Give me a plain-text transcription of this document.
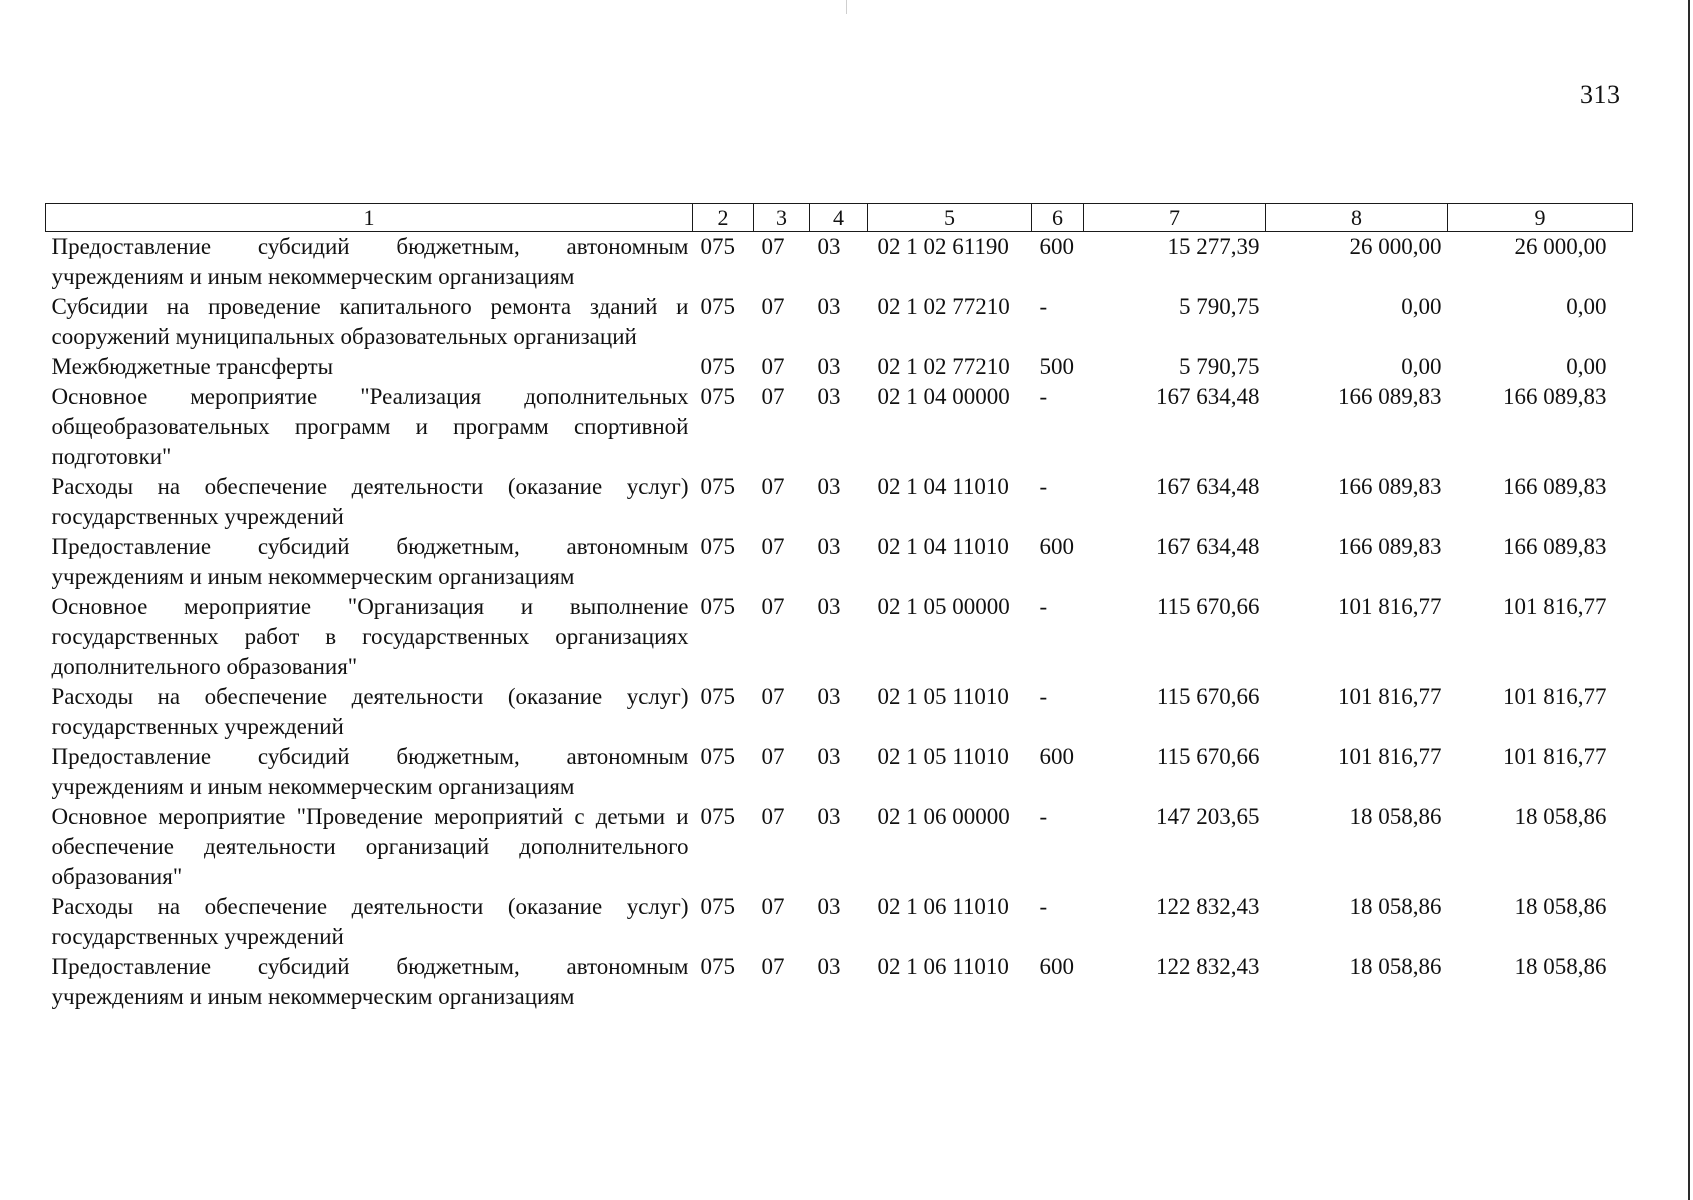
313
1	2	3	4	5	6	7	8	9
Предоставление субсидий бюджетным, автономным учреждениям и иным некоммерческим организациям	075	07	03	02 1 02 61190	600	15 277,39	26 000,00	26 000,00
Субсидии на проведение капитального ремонта зданий и сооружений муниципальных образовательных организаций	075	07	03	02 1 02 77210	-	5 790,75	0,00	0,00
Межбюджетные трансферты	075	07	03	02 1 02 77210	500	5 790,75	0,00	0,00
Основное мероприятие "Реализация дополнительных общеобразовательных программ и программ спортивной подготовки"	075	07	03	02 1 04 00000	-	167 634,48	166 089,83	166 089,83
Расходы на обеспечение деятельности (оказание услуг) государственных учреждений	075	07	03	02 1 04 11010	-	167 634,48	166 089,83	166 089,83
Предоставление субсидий бюджетным, автономным учреждениям и иным некоммерческим организациям	075	07	03	02 1 04 11010	600	167 634,48	166 089,83	166 089,83
Основное мероприятие "Организация и выполнение государственных работ в государственных организациях дополнительного образования"	075	07	03	02 1 05 00000	-	115 670,66	101 816,77	101 816,77
Расходы на обеспечение деятельности (оказание услуг) государственных учреждений	075	07	03	02 1 05 11010	-	115 670,66	101 816,77	101 816,77
Предоставление субсидий бюджетным, автономным учреждениям и иным некоммерческим организациям	075	07	03	02 1 05 11010	600	115 670,66	101 816,77	101 816,77
Основное мероприятие "Проведение мероприятий с детьми и обеспечение деятельности организаций дополнительного образования"	075	07	03	02 1 06 00000	-	147 203,65	18 058,86	18 058,86
Расходы на обеспечение деятельности (оказание услуг) государственных учреждений	075	07	03	02 1 06 11010	-	122 832,43	18 058,86	18 058,86
Предоставление субсидий бюджетным, автономным учреждениям и иным некоммерческим организациям	075	07	03	02 1 06 11010	600	122 832,43	18 058,86	18 058,86
